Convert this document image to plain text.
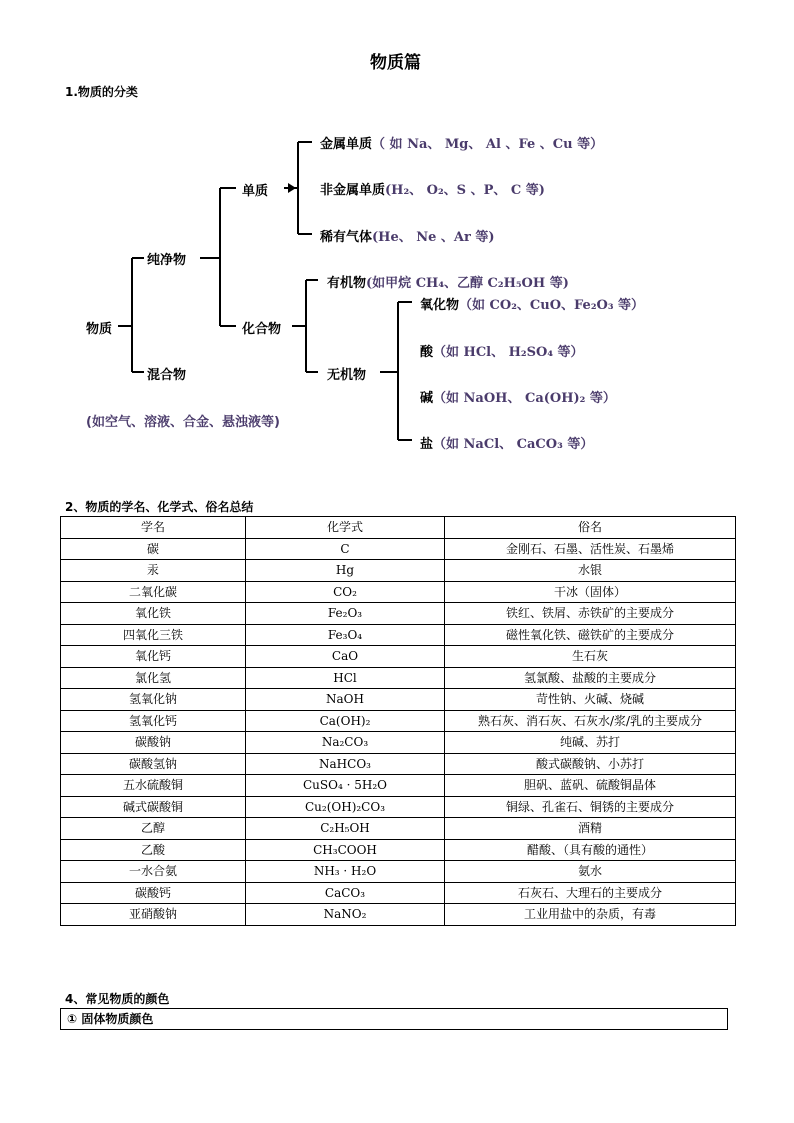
物质篇
1.物质的分类
物质
纯净物
混合物
(如空气、溶液、合金、悬浊液等)
单质
化合物
金属单质（ 如 Na、 Mg、 Al 、Fe 、Cu 等）
非金属单质(H₂、 O₂、S 、P、 C 等)
稀有气体(He、 Ne 、Ar 等)
有机物(如甲烷 CH₄、乙醇 C₂H₅OH 等)
无机物
氧化物（如 CO₂、CuO、Fe₂O₃ 等）
酸（如 HCl、 H₂SO₄ 等）
碱（如 NaOH、 Ca(OH)₂ 等）
盐（如 NaCl、 CaCO₃ 等）
2、物质的学名、化学式、俗名总结
学名	化学式	俗名
碳	C	金刚石、石墨、活性炭、石墨烯
汞	Hg	水银
二氧化碳	CO₂	干冰（固体）
氧化铁	Fe₂O₃	铁红、铁屑、赤铁矿的主要成分
四氧化三铁	Fe₃O₄	磁性氧化铁、磁铁矿的主要成分
氧化钙	CaO	生石灰
氯化氢	HCl	氢氯酸、盐酸的主要成分
氢氧化钠	NaOH	苛性钠、火碱、烧碱
氢氧化钙	Ca(OH)₂	熟石灰、消石灰、石灰水/浆/乳的主要成分
碳酸钠	Na₂CO₃	纯碱、苏打
碳酸氢钠	NaHCO₃	酸式碳酸钠、小苏打
五水硫酸铜	CuSO₄ · 5H₂O	胆矾、蓝矾、硫酸铜晶体
碱式碳酸铜	Cu₂(OH)₂CO₃	铜绿、孔雀石、铜锈的主要成分
乙醇	C₂H₅OH	酒精
乙酸	CH₃COOH	醋酸、（具有酸的通性）
一水合氨	NH₃ · H₂O	氨水
碳酸钙	CaCO₃	石灰石、大理石的主要成分
亚硝酸钠	NaNO₂	工业用盐中的杂质，有毒
4、常见物质的颜色
① 固体物质颜色
